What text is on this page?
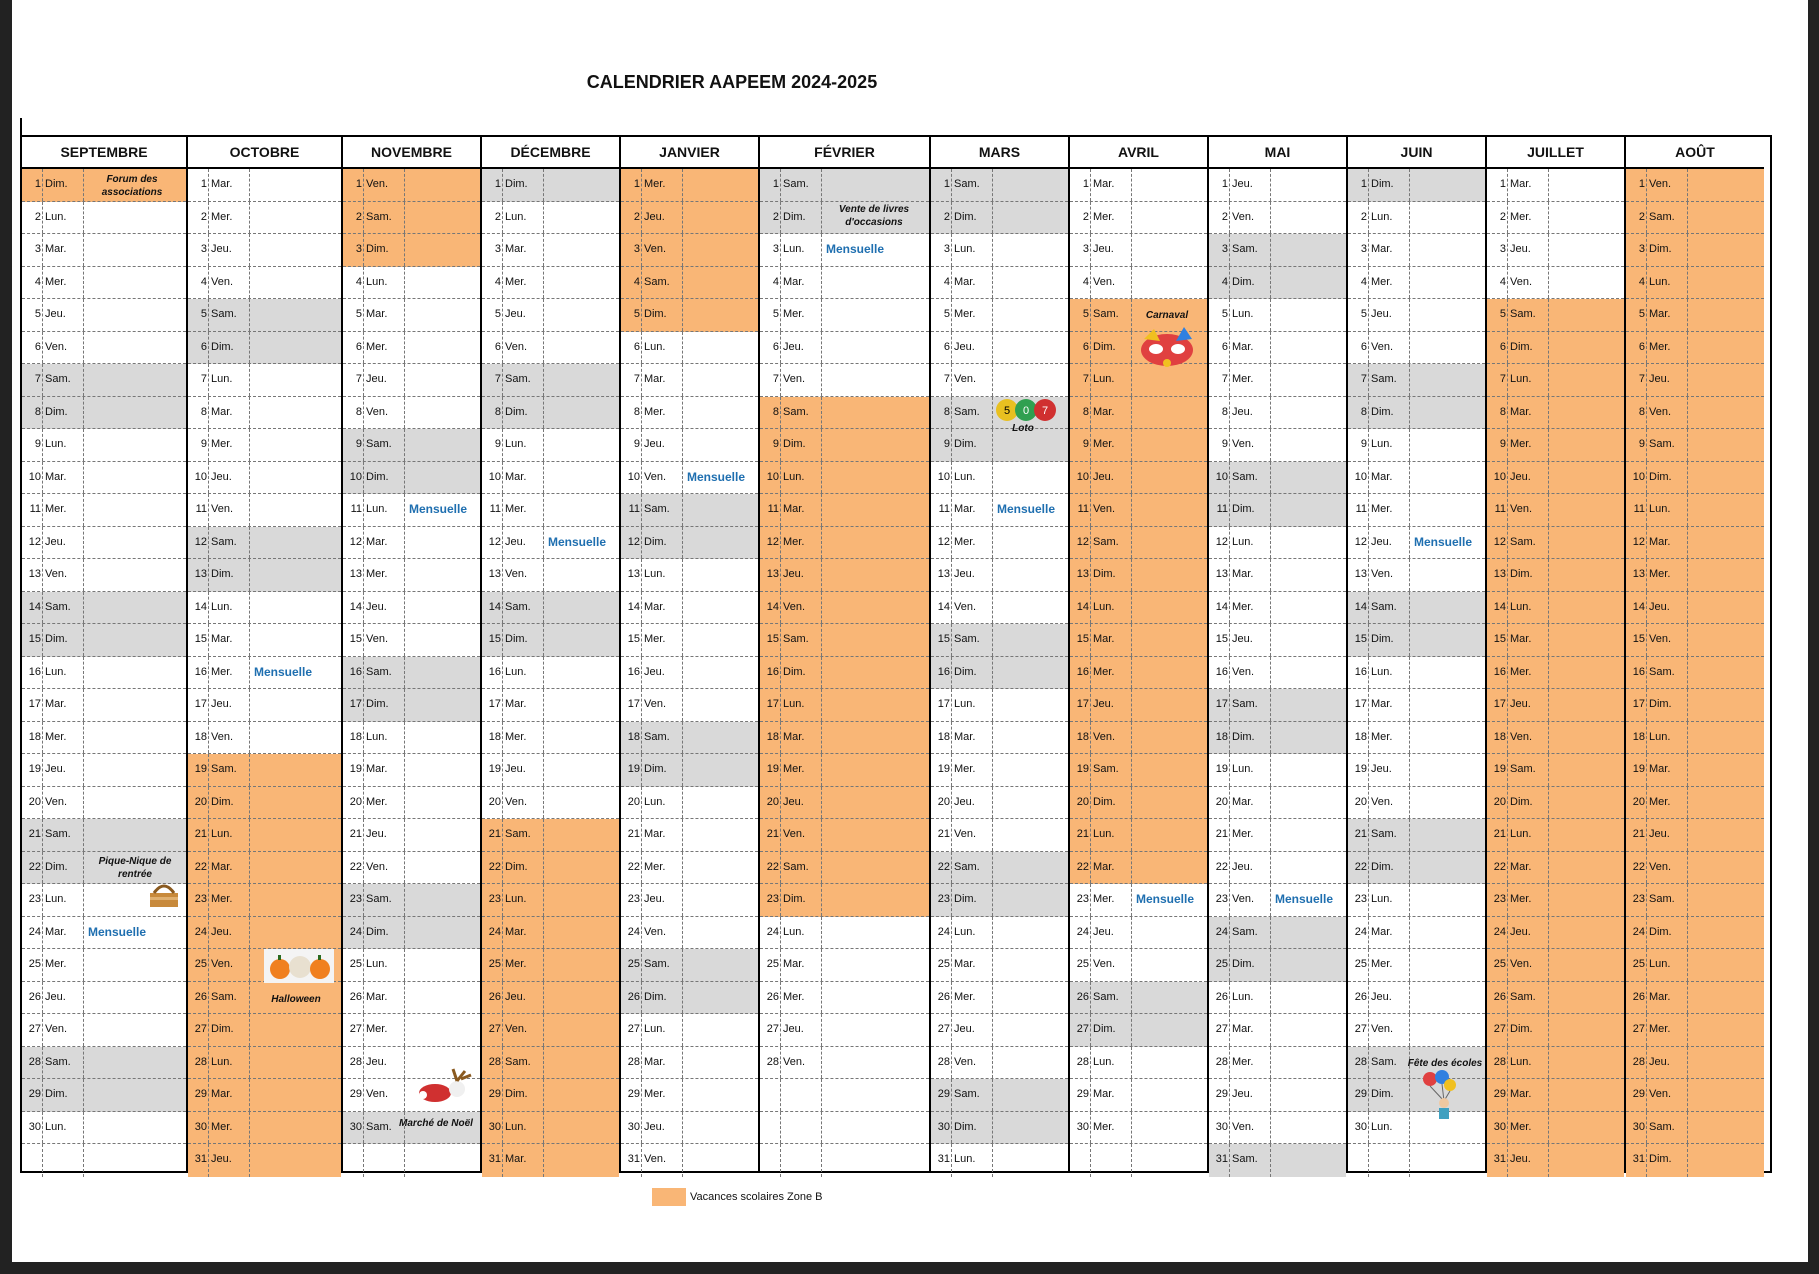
CALENDRIER AAPEEM 2024-2025
SEPTEMBRE
1 Dim.
2 Lun.
3 Mar.
4 Mer.
5 Jeu.
6 Ven.
7 Sam.
8 Dim.
9 Lun.
10 Mar.
11 Mer.
12 Jeu.
13 Ven.
14 Sam.
15 Dim.
16 Lun.
17 Mar.
18 Mer.
19 Jeu.
20 Ven.
21 Sam.
22 Dim.
23 Lun.
24 Mar.
25 Mer.
26 Jeu.
27 Ven.
28 Sam.
29 Dim.
30 Lun.
Mensuelle
Forum des associations
Pique-Nique de rentrée
OCTOBRE
1 Mar.
2 Mer.
3 Jeu.
4 Ven.
5 Sam.
6 Dim.
7 Lun.
8 Mar.
9 Mer.
10 Jeu.
11 Ven.
12 Sam.
13 Dim.
14 Lun.
15 Mar.
16 Mer.
17 Jeu.
18 Ven.
19 Sam.
20 Dim.
21 Lun.
22 Mar.
23 Mer.
24 Jeu.
25 Ven.
26 Sam.
27 Dim.
28 Lun.
29 Mar.
30 Mer.
31 Jeu.
Mensuelle
Halloween
NOVEMBRE
1 Ven.
2 Sam.
3 Dim.
4 Lun.
5 Mar.
6 Mer.
7 Jeu.
8 Ven.
9 Sam.
10 Dim.
11 Lun.
12 Mar.
13 Mer.
14 Jeu.
15 Ven.
16 Sam.
17 Dim.
18 Lun.
19 Mar.
20 Mer.
21 Jeu.
22 Ven.
23 Sam.
24 Dim.
25 Lun.
26 Mar.
27 Mer.
28 Jeu.
29 Ven.
30 Sam.
Mensuelle
Marché de Noël
DÉCEMBRE
1 Dim.
2 Lun.
3 Mar.
4 Mer.
5 Jeu.
6 Ven.
7 Sam.
8 Dim.
9 Lun.
10 Mar.
11 Mer.
12 Jeu.
13 Ven.
14 Sam.
15 Dim.
16 Lun.
17 Mar.
18 Mer.
19 Jeu.
20 Ven.
21 Sam.
22 Dim.
23 Lun.
24 Mar.
25 Mer.
26 Jeu.
27 Ven.
28 Sam.
29 Dim.
30 Lun.
31 Mar.
Mensuelle
JANVIER
1 Mer.
2 Jeu.
3 Ven.
4 Sam.
5 Dim.
6 Lun.
7 Mar.
8 Mer.
9 Jeu.
10 Ven.
11 Sam.
12 Dim.
13 Lun.
14 Mar.
15 Mer.
16 Jeu.
17 Ven.
18 Sam.
19 Dim.
20 Lun.
21 Mar.
22 Mer.
23 Jeu.
24 Ven.
25 Sam.
26 Dim.
27 Lun.
28 Mar.
29 Mer.
30 Jeu.
31 Ven.
Mensuelle
FÉVRIER
1 Sam.
2 Dim.
3 Lun.
4 Mar.
5 Mer.
6 Jeu.
7 Ven.
8 Sam.
9 Dim.
10 Lun.
11 Mar.
12 Mer.
13 Jeu.
14 Ven.
15 Sam.
16 Dim.
17 Lun.
18 Mar.
19 Mer.
20 Jeu.
21 Ven.
22 Sam.
23 Dim.
24 Lun.
25 Mar.
26 Mer.
27 Jeu.
28 Ven.
Mensuelle
Vente de livres d'occasions
MARS
1 Sam.
2 Dim.
3 Lun.
4 Mar.
5 Mer.
6 Jeu.
7 Ven.
8 Sam.
9 Dim.
10 Lun.
11 Mar.
12 Mer.
13 Jeu.
14 Ven.
15 Sam.
16 Dim.
17 Lun.
18 Mar.
19 Mer.
20 Jeu.
21 Ven.
22 Sam.
23 Dim.
24 Lun.
25 Mar.
26 Mer.
27 Jeu.
28 Ven.
29 Sam.
30 Dim.
31 Lun.
Mensuelle
Loto
5 0 7
AVRIL
1 Mar.
2 Mer.
3 Jeu.
4 Ven.
5 Sam.
6 Dim.
7 Lun.
8 Mar.
9 Mer.
10 Jeu.
11 Ven.
12 Sam.
13 Dim.
14 Lun.
15 Mar.
16 Mer.
17 Jeu.
18 Ven.
19 Sam.
20 Dim.
21 Lun.
22 Mar.
23 Mer.
24 Jeu.
25 Ven.
26 Sam.
27 Dim.
28 Lun.
29 Mar.
30 Mer.
Mensuelle
Carnaval
MAI
1 Jeu.
2 Ven.
3 Sam.
4 Dim.
5 Lun.
6 Mar.
7 Mer.
8 Jeu.
9 Ven.
10 Sam.
11 Dim.
12 Lun.
13 Mar.
14 Mer.
15 Jeu.
16 Ven.
17 Sam.
18 Dim.
19 Lun.
20 Mar.
21 Mer.
22 Jeu.
23 Ven.
24 Sam.
25 Dim.
26 Lun.
27 Mar.
28 Mer.
29 Jeu.
30 Ven.
31 Sam.
Mensuelle
JUIN
1 Dim.
2 Lun.
3 Mar.
4 Mer.
5 Jeu.
6 Ven.
7 Sam.
8 Dim.
9 Lun.
10 Mar.
11 Mer.
12 Jeu.
13 Ven.
14 Sam.
15 Dim.
16 Lun.
17 Mar.
18 Mer.
19 Jeu.
20 Ven.
21 Sam.
22 Dim.
23 Lun.
24 Mar.
25 Mer.
26 Jeu.
27 Ven.
28 Sam.
29 Dim.
30 Lun.
Mensuelle
Fête des écoles
JUILLET
1 Mar.
2 Mer.
3 Jeu.
4 Ven.
5 Sam.
6 Dim.
7 Lun.
8 Mar.
9 Mer.
10 Jeu.
11 Ven.
12 Sam.
13 Dim.
14 Lun.
15 Mar.
16 Mer.
17 Jeu.
18 Ven.
19 Sam.
20 Dim.
21 Lun.
22 Mar.
23 Mer.
24 Jeu.
25 Ven.
26 Sam.
27 Dim.
28 Lun.
29 Mar.
30 Mer.
31 Jeu.
AOÛT
1 Ven.
2 Sam.
3 Dim.
4 Lun.
5 Mar.
6 Mer.
7 Jeu.
8 Ven.
9 Sam.
10 Dim.
11 Lun.
12 Mar.
13 Mer.
14 Jeu.
15 Ven.
16 Sam.
17 Dim.
18 Lun.
19 Mar.
20 Mer.
21 Jeu.
22 Ven.
23 Sam.
24 Dim.
25 Lun.
26 Mar.
27 Mer.
28 Jeu.
29 Ven.
30 Sam.
31 Dim.
Vacances scolaires Zone B
